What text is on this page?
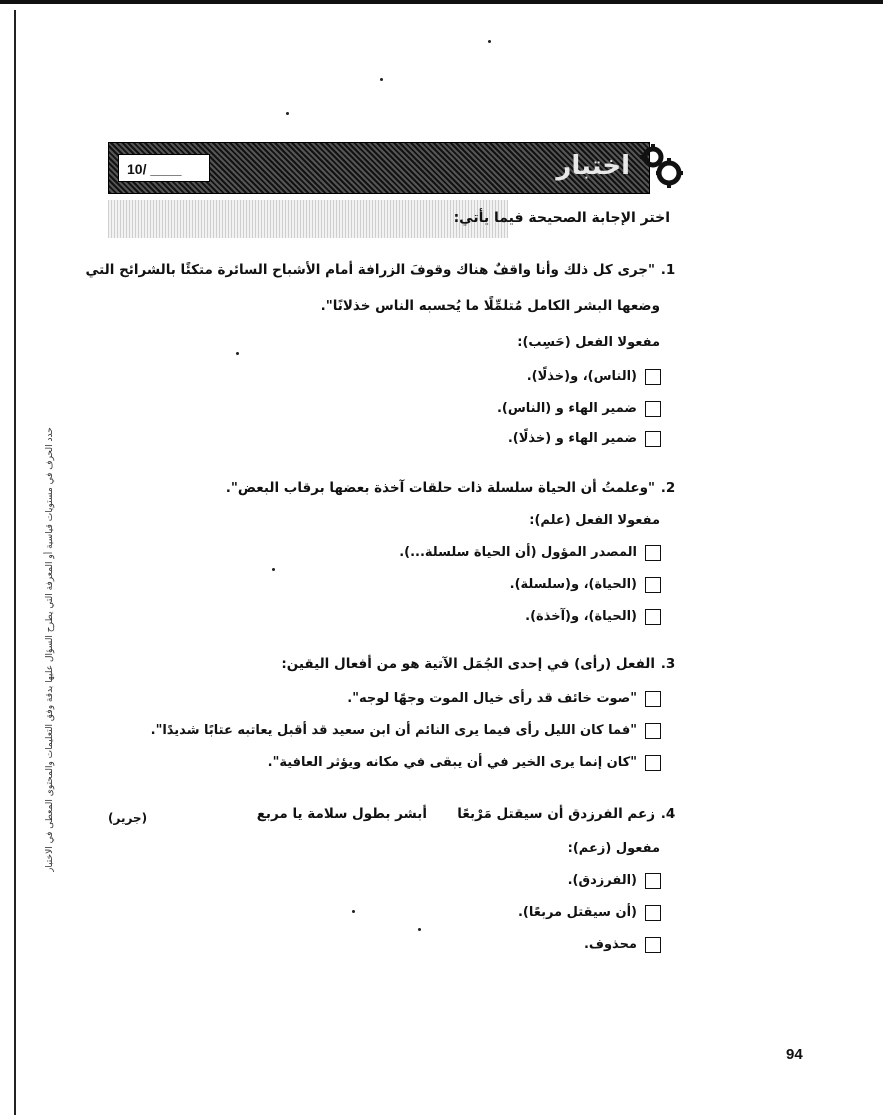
حدد الحرف في مستويات قياسية أو المعرفة التي يطرح السؤال عليها بدقة وفق التعليمات والمحتوى المعطى في الاختبار
10/ ____	اختبار
اختر الإجابة الصحيحة فيما يأتي:
1."جرى كل ذلك وأنا واقفٌ هناك وقوفَ الزرافة أمام الأشباح السائرة متكئًا بالشرائح التي
وضعها البشر الكامل مُتلمِّلًا ما يُحسبه الناس خذلانًا".
مفعولا الفعل (حَسِب):
(الناس)، و(خذلًا).
ضمير الهاء و (الناس).
ضمير الهاء و (خذلًا).
2."وعلمتُ أن الحياة سلسلة ذات حلقات آخذة بعضها برقاب البعض".
مفعولا الفعل (علم):
المصدر المؤول (أن الحياة سلسلة...).
(الحياة)، و(سلسلة).
(الحياة)، و(آخذة).
3.الفعل (رأى) في إحدى الجُمَل الآتية هو من أفعال اليقين:
"صوت خائف قد رأى خيال الموت وجهًا لوجه".
"فما كان الليل رأى فيما يرى النائم أن ابن سعيد قد أقبل يعاتبه عتابًا شديدًا".
"كان إنما يرى الخير في أن يبقى في مكانه ويؤثر العافية".
4.زعم الفرزدق أن سيقتل مَرْبعًا
أبشر بطول سلامة يا مربع
(جرير)
مفعول (زعم):
(الفرزدق).
(أن سيقتل مربعًا).
محذوف.
94
